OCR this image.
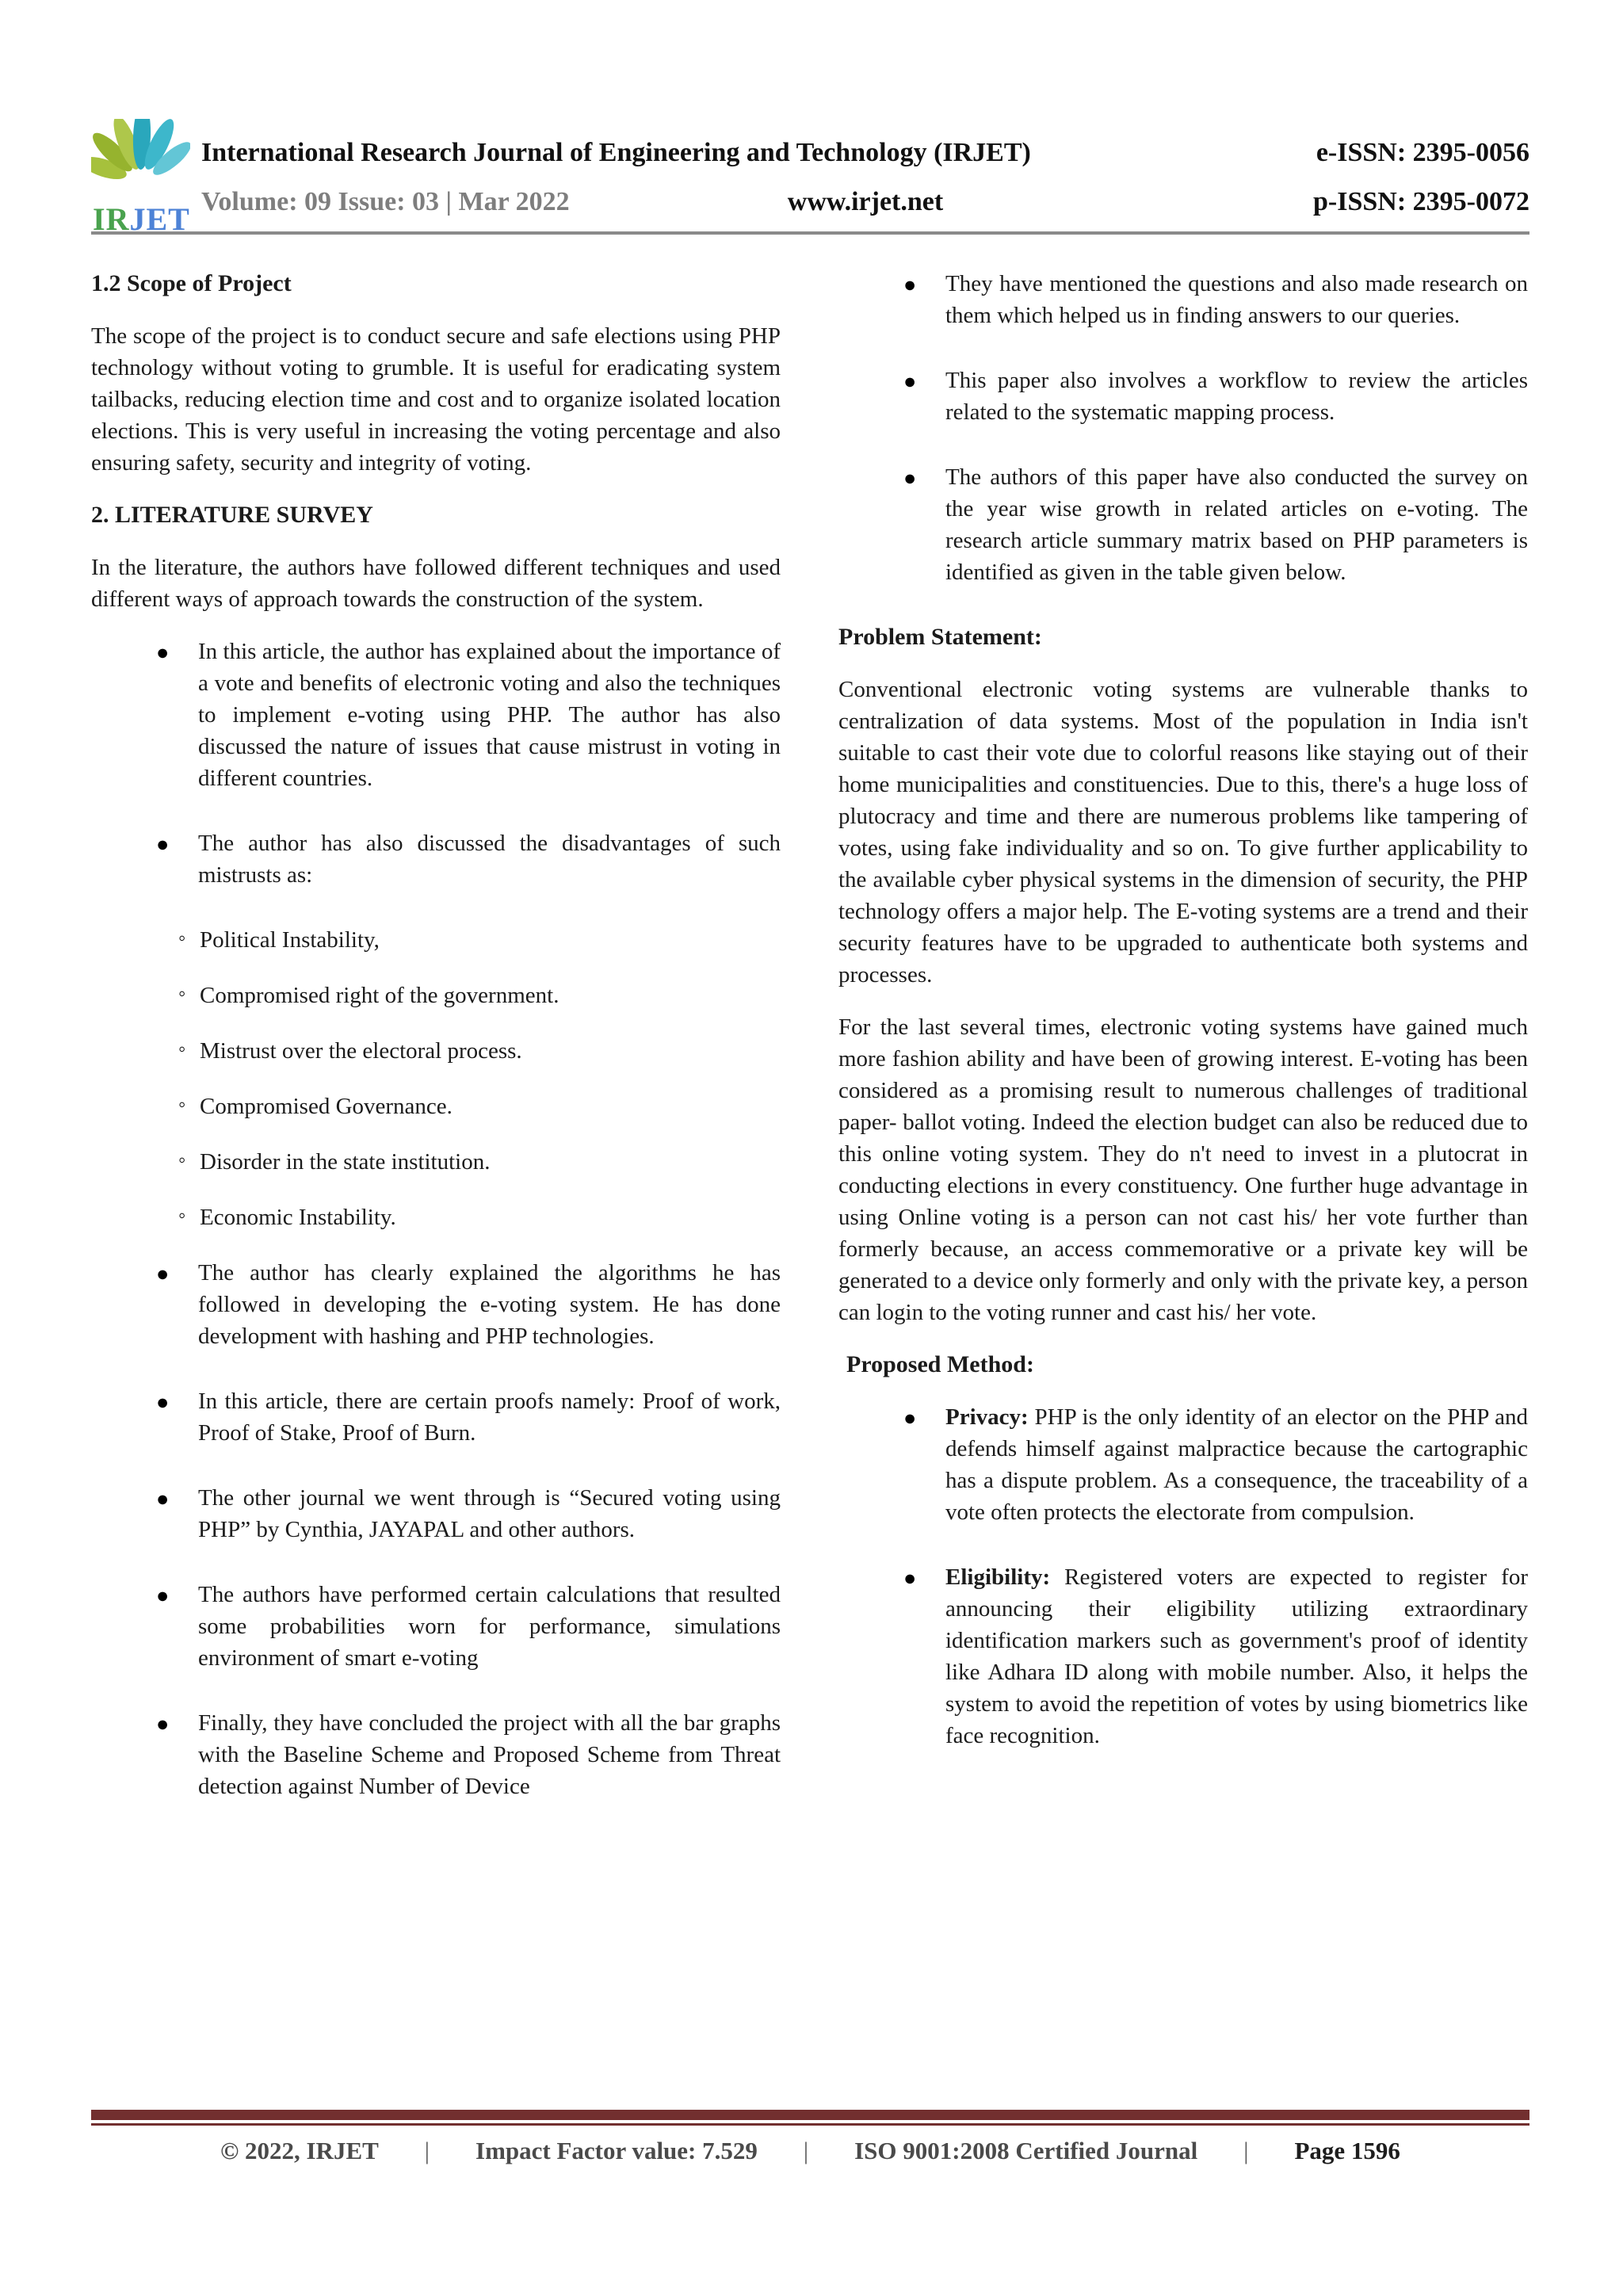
IRJET
International Research Journal of Engineering and Technology (IRJET)	e-ISSN: 2395-0056
Volume: 09 Issue: 03 | Mar 2022	www.irjet.net	p-ISSN: 2395-0072
1.2 Scope of Project

The scope of the project is to conduct secure and safe elections using PHP technology without voting to grumble. It is useful for eradicating system tailbacks, reducing election time and cost and to organize isolated location elections. This is very useful in increasing the voting percentage and also ensuring safety, security and integrity of voting.

2. LITERATURE SURVEY

In the literature, the authors have followed different techniques and used different ways of approach towards the construction of the system.

● In this article, the author has explained about the importance of a vote and benefits of electronic voting and also the techniques to implement e-voting using PHP. The author has also discussed the nature of issues that cause mistrust in voting in different countries.
● The author has also discussed the disadvantages of such mistrusts as:
◦ Political Instability,
◦ Compromised right of the government.
◦ Mistrust over the electoral process.
◦ Compromised Governance.
◦ Disorder in the state institution.
◦ Economic Instability.
● The author has clearly explained the algorithms he has followed in developing the e-voting system. He has done development with hashing and PHP technologies.
● In this article, there are certain proofs namely: Proof of work, Proof of Stake, Proof of Burn.
● The other journal we went through is “Secured voting using PHP” by Cynthia, JAYAPAL and other authors.
● The authors have performed certain calculations that resulted some probabilities worn for performance, simulations environment of smart e-voting
● Finally, they have concluded the project with all the bar graphs with the Baseline Scheme and Proposed Scheme from Threat detection against Number of Device
● They have mentioned the questions and also made research on them which helped us in finding answers to our queries.
● This paper also involves a workflow to review the articles related to the systematic mapping process.
● The authors of this paper have also conducted the survey on the year wise growth in related articles on e-voting. The research article summary matrix based on PHP parameters is identified as given in the table given below.
Problem Statement:

Conventional electronic voting systems are vulnerable thanks to centralization of data systems. Most of the population in India isn't suitable to cast their vote due to colorful reasons like staying out of their home municipalities and constituencies. Due to this, there's a huge loss of plutocracy and time and there are numerous problems like tampering of votes, using fake individuality and so on. To give further applicability to the available cyber physical systems in the dimension of security, the PHP technology offers a major help. The E-voting systems are a trend and their security features have to be upgraded to authenticate both systems and processes.

For the last several times, electronic voting systems have gained much more fashion ability and have been of growing interest. E-voting has been considered as a promising result to numerous challenges of traditional paper- ballot voting. Indeed the election budget can also be reduced due to this online voting system. They do n't need to invest in a plutocrat in conducting elections in every constituency. One further huge advantage in using Online voting is a person can not cast his/ her vote further than formerly because, an access commemorative or a private key will be generated to a device only formerly and only with the private key, a person can login to the voting runner and cast his/ her vote.

Proposed Method:
● Privacy: PHP is the only identity of an elector on the PHP and defends himself against malpractice because the cartographic has a dispute problem. As a consequence, the traceability of a vote often protects the electorate from compulsion.
● Eligibility: Registered voters are expected to register for announcing their eligibility utilizing extraordinary identification markers such as government's proof of identity like Adhara ID along with mobile number. Also, it helps the system to avoid the repetition of votes by using biometrics like face recognition.
© 2022, IRJET | Impact Factor value: 7.529 | ISO 9001:2008 Certified Journal | Page 1596
